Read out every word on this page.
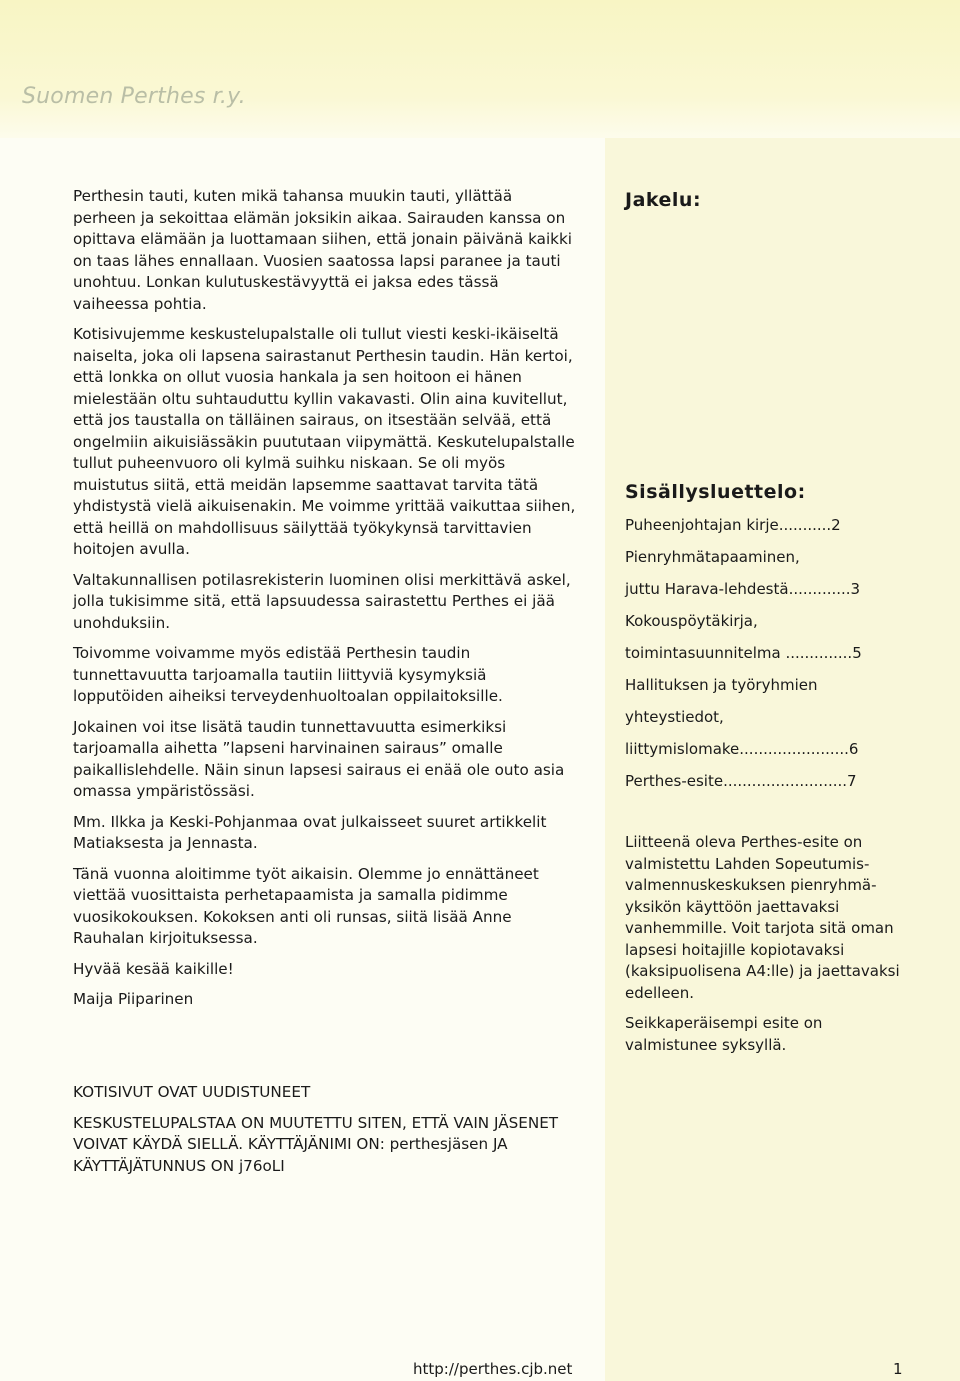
Suomen Perthes r.y.

Perthesin tauti, kuten mikä tahansa muukin tauti, yllättää perheen ja sekoittaa elämän joksikin aikaa. Sairauden kanssa on opittava elämään ja luottamaan siihen, että jonain päivänä kaikki on taas lähes ennallaan. Vuosien saatossa lapsi paranee ja tauti unohtuu. Lonkan kulutuskestävyyttä ei jaksa edes tässä vaiheessa pohtia.

Kotisivujemme keskustelupalstalle oli tullut viesti keski-ikäiseltä naiselta, joka oli lapsena sairastanut Perthesin taudin. Hän kertoi, että lonkka on ollut vuosia hankala ja sen hoitoon ei hänen mielestään oltu suhtauduttu kyllin vakavasti. Olin aina kuvitellut, että jos taustalla on tälläinen sairaus, on itsestään selvää, että ongelmiin aikuisiässäkin puututaan viipymättä. Keskutelupalstalle tullut puheenvuoro oli kylmä suihku niskaan. Se oli myös muistutus siitä, että meidän lapsemme saattavat tarvita tätä yhdistystä vielä aikuisenakin. Me voimme yrittää vaikuttaa siihen, että heillä on mahdollisuus säilyttää työkykynsä tarvittavien hoitojen avulla.

Valtakunnallisen potilasrekisterin luominen olisi merkittävä askel, jolla tukisimme sitä, että lapsuudessa sairastettu Perthes ei jää unohduksiin.

Toivomme voivamme myös edistää Perthesin taudin tunnettavuutta tarjoamalla tautiin liittyviä kysymyksiä lopputöiden aiheiksi terveydenhuoltoalan oppilaitoksille.

Jokainen voi itse lisätä taudin tunnettavuutta esimerkiksi tarjoamalla aihetta ”lapseni harvinainen sairaus” omalle paikallislehdelle. Näin sinun lapsesi sairaus ei enää ole outo asia omassa ympäristössäsi.

Mm. Ilkka ja Keski-Pohjanmaa ovat julkaisseet suuret artikkelit Matiaksesta ja Jennasta.

Tänä vuonna aloitimme työt aikaisin. Olemme jo ennättäneet viettää vuosittaista perhetapaamista ja samalla pidimme vuosikokouksen. Kokoksen anti oli runsas, siitä lisää Anne Rauhalan kirjoituksessa.

Hyvää kesää kaikille!

Maija Piiparinen

Jakelu:
Sisällysluettelo:
Puheenjohtajan kirje...........2
Pienryhmätapaaminen,
juttu Harava-lehdestä.............3
Kokouspöytäkirja,
toimintasuunnitelma ..............5
Hallituksen ja työryhmien
yhteystiedot,
liittymislomake.......................6
Perthes-esite..........................7

Liitteenä oleva Perthes-esite on valmistettu Lahden Sopeutumis-valmennuskeskuksen pienryhmä-yksikön käyttöön jaettavaksi vanhemmille. Voit tarjota sitä oman lapsesi hoitajille kopiotavaksi (kaksipuolisena A4:lle) ja jaettavaksi edelleen.

Seikkaperäisempi esite on valmistunee syksyllä.

KOTISIVUT OVAT UUDISTUNEET

KESKUSTELUPALSTAA ON MUUTETTU SITEN, ETTÄ VAIN JÄSENET VOIVAT KÄYDÄ SIELLÄ. KÄYTTÄJÄNIMI ON: perthesjäsen JA KÄYTTÄJÄTUNNUS ON j76oLI

http://perthes.cjb.net	1
